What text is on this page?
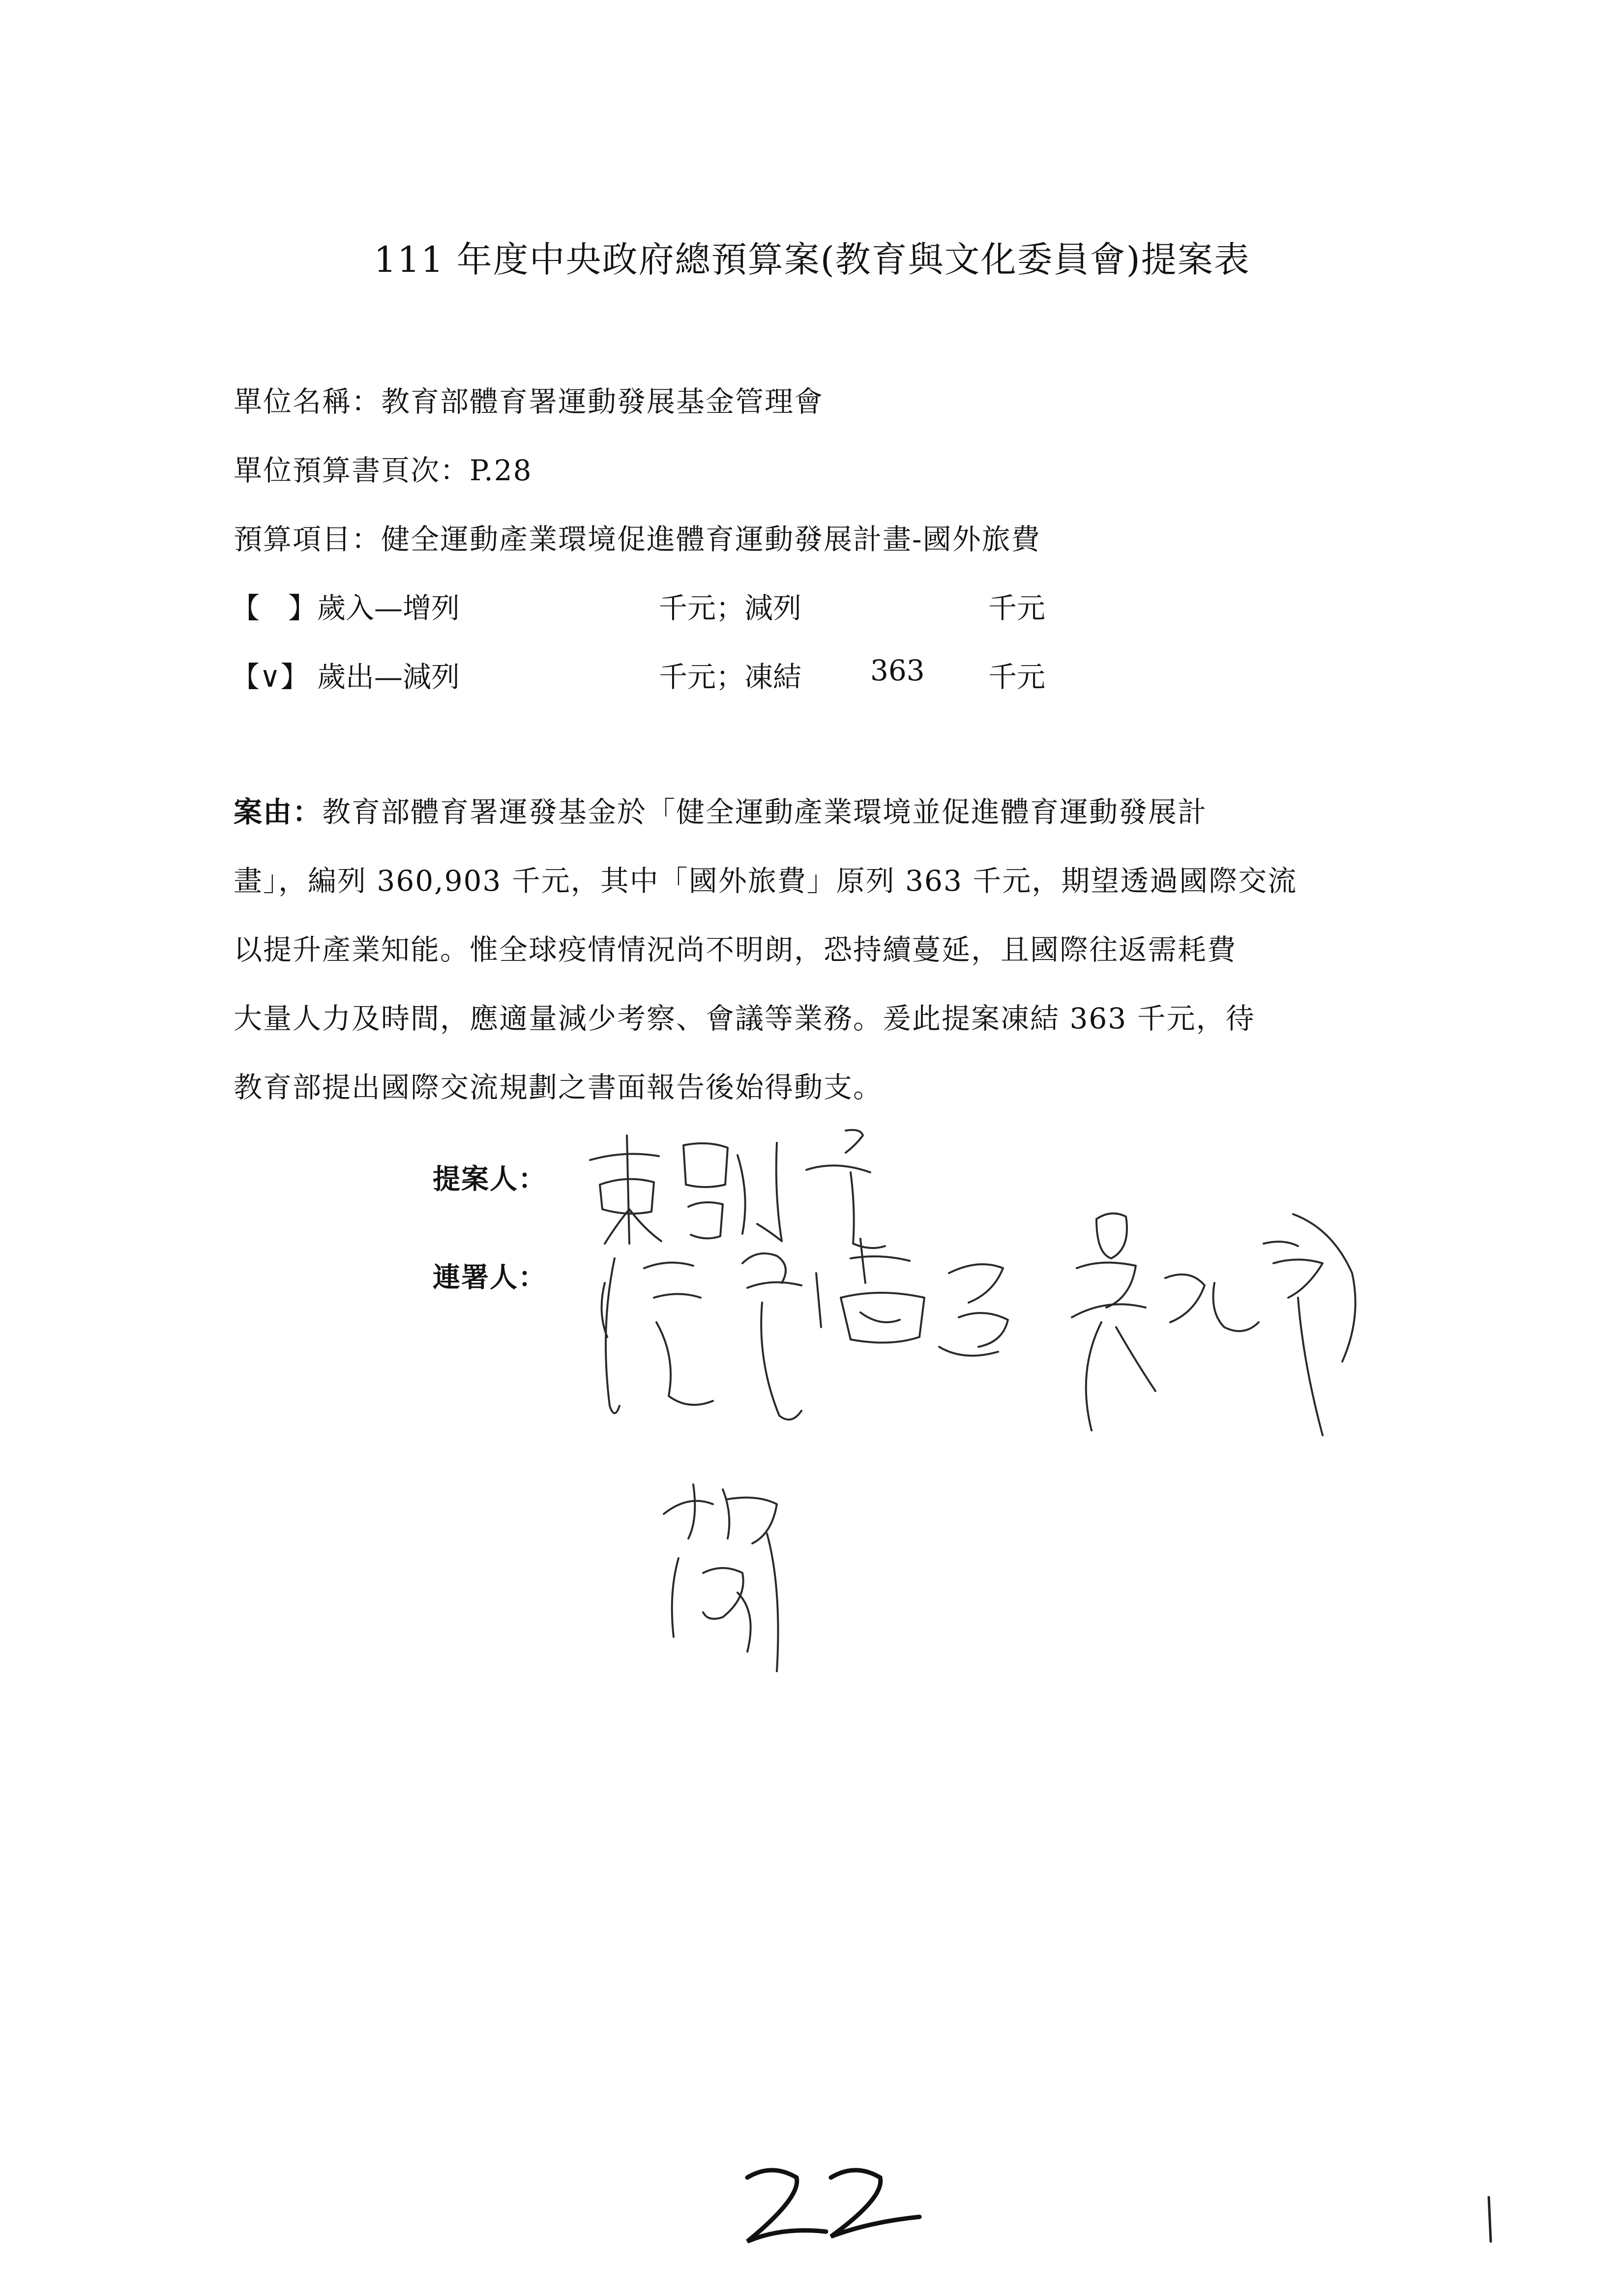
111 年度中央政府總預算案(教育與文化委員會)提案表
單位名稱：教育部體育署運動發展基金管理會
單位預算書頁次：P.28
預算項目：健全運動產業環境促進體育運動發展計畫-國外旅費
【　】 歲入—增列	千元；減列	千元
【∨】 歲出—減列	千元；凍結 363 千元
案由：教育部體育署運發基金於「健全運動產業環境並促進體育運動發展計
畫」，編列 360,903 千元，其中「國外旅費」原列 363 千元，期望透過國際交流
以提升產業知能。惟全球疫情情況尚不明朗，恐持續蔓延，且國際往返需耗費
大量人力及時間，應適量減少考察、會議等業務。爰此提案凍結 363 千元，待
教育部提出國際交流規劃之書面報告後始得動支。
提案人：
連署人：
